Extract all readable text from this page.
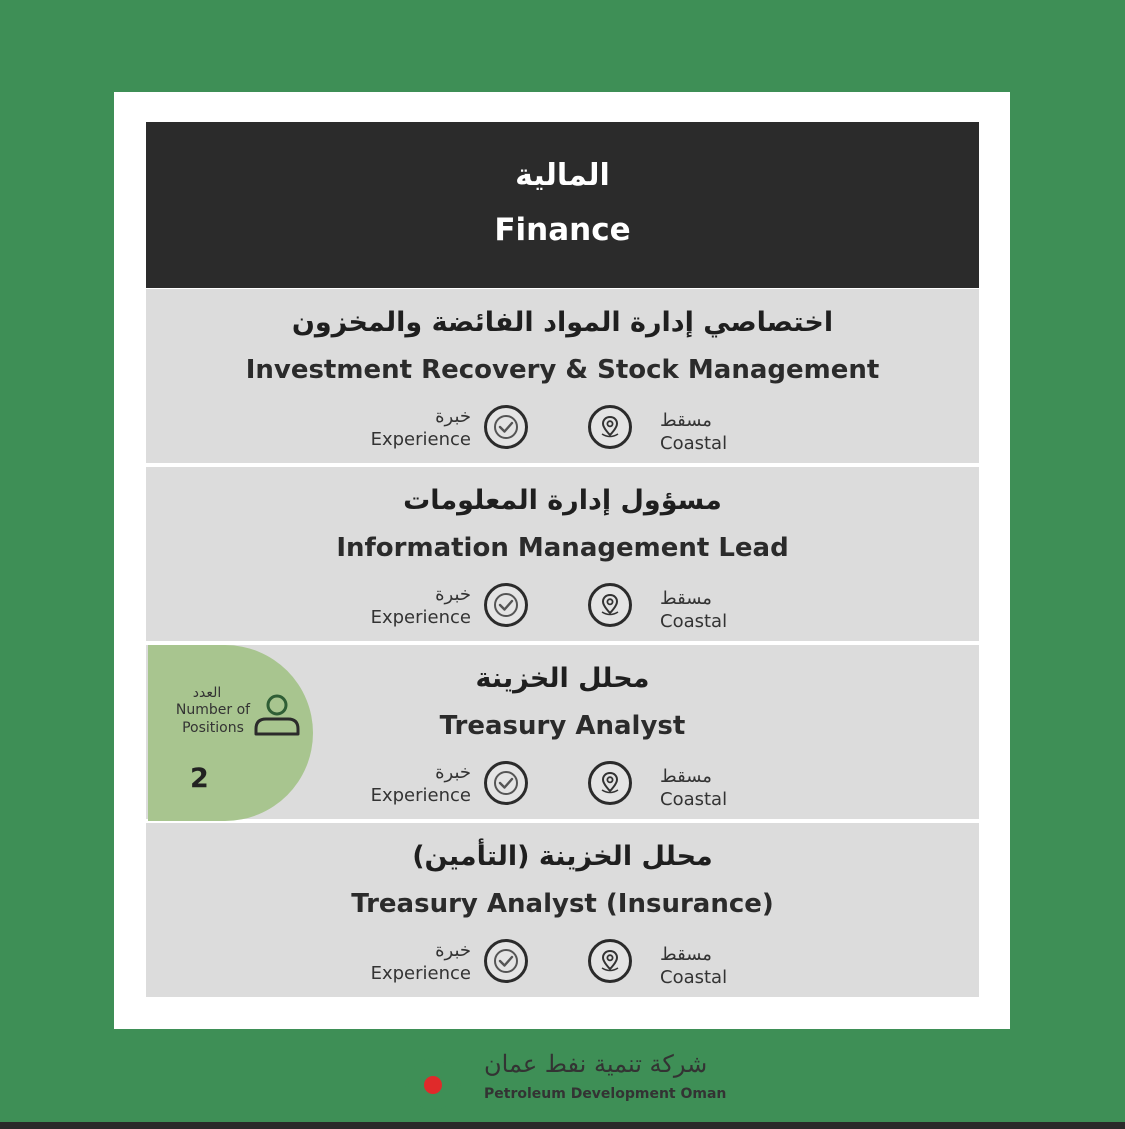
المالية
Finance
اختصاصي إدارة المواد الفائضة والمخزون
Investment Recovery & Stock Management
خبرة
Experience
مسقط
Coastal
مسؤول إدارة المعلومات
Information Management Lead
خبرة
Experience
مسقط
Coastal
محلل الخزينة
Treasury Analyst
خبرة
Experience
مسقط
Coastal
محلل الخزينة (التأمين)
Treasury Analyst (Insurance)
خبرة
Experience
مسقط
Coastal
العدد
Number of Positions
2
شركة تنمية نفط عمان
Petroleum Development Oman
